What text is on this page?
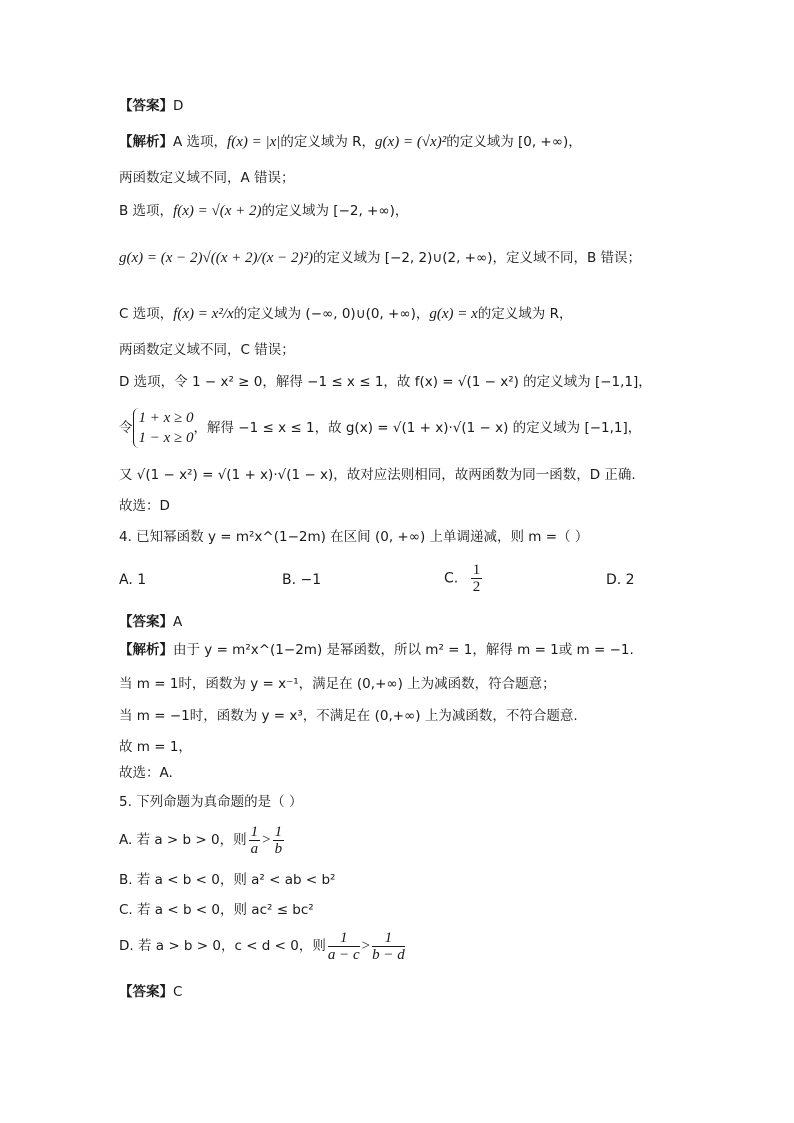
【答案】D
【解析】A 选项，f(x) = |x|的定义域为 R，g(x) = (√x)²的定义域为 [0, +∞)，
两函数定义域不同，A 错误；
B 选项，f(x) = √(x + 2)的定义域为 [−2, +∞)，
g(x) = (x − 2)√((x + 2)/(x − 2)²)的定义域为 [−2, 2)∪(2, +∞)，定义域不同，B 错误；
C 选项，f(x) = x²/x的定义域为 (−∞, 0)∪(0, +∞)，g(x) = x的定义域为 R，
两函数定义域不同，C 错误；
D 选项，令 1 − x² ≥ 0，解得 −1 ≤ x ≤ 1，故 f(x) = √(1 − x²) 的定义域为 [−1,1]，
令
1 + x ≥ 0
1 − x ≥ 0
，解得 −1 ≤ x ≤ 1，故 g(x) = √(1 + x)·√(1 − x) 的定义域为 [−1,1]，
又 √(1 − x²) = √(1 + x)·√(1 − x)，故对应法则相同，故两函数为同一函数，D 正确.
故选：D
4. 已知幂函数 y = m²x^(1−2m) 在区间 (0, +∞) 上单调递减，则 m =（ ）
A. 1	B. −1	C. $\frac{1}{2}$	D. 2
【答案】A
【解析】由于 y = m²x^(1−2m) 是幂函数，所以 m² = 1，解得 m = 1或 m = −1.
当 m = 1时，函数为 y = x⁻¹，满足在 (0,+∞) 上为减函数，符合题意；
当 m = −1时，函数为 y = x³，不满足在 (0,+∞) 上为减函数，不符合题意.
故 m = 1，
故选：A.
5. 下列命题为真命题的是（ ）
A. 若 a > b > 0，则 $\frac{1}{a} > \frac{1}{b}$
B. 若 a < b < 0，则 a² < ab < b²
C. 若 a < b < 0，则 ac² ≤ bc²
D. 若 a > b > 0，c < d < 0，则 $\frac{1}{a - c} > \frac{1}{b - d}$
【答案】C
